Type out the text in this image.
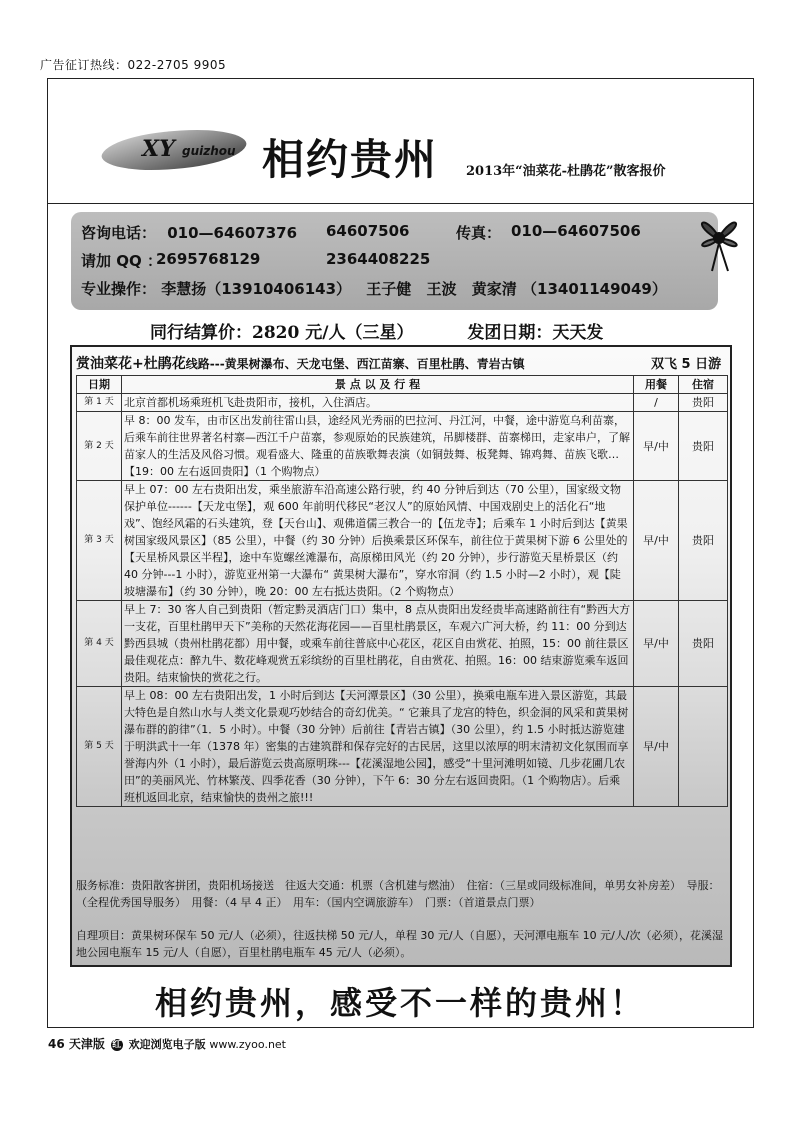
广告征订热线：022-2705 9905
XY guizhou 相约贵州 2013年“油菜花-杜鹃花”散客报价
咨询电话： 010—64607376 64607506	传真： 010—64607506
请加 QQ ：
2695768129	2364408225
专业操作： 李慧扬（13910406143） 王子健 王波 黄家清 （13401149049）
同行结算价：2820 元/人（三星）	发团日期：天天发
赏油菜花+杜鹃花线路---黄果树瀑布、天龙屯堡、西江苗寨、百里杜鹃、青岩古镇	双飞 5 日游
日期	景 点 以 及 行 程	用餐	住宿
第 1 天	北京首都机场乘班机飞赴贵阳市，接机，入住酒店。	/	贵阳
第 2 天	早 8：00 发车，由市区出发前往雷山县，途经风光秀丽的巴拉河、丹江河，中餐，途中游览乌利苗寨，后乘车前往世界著名村寨—西江千户苗寨，参观原始的民族建筑，吊脚楼群、苗寨梯田，走家串户，了解苗家人的生活及风俗习惯。观看盛大、隆重的苗族歌舞表演（如铜鼓舞、板凳舞、锦鸡舞、苗族飞歌…【19：00 左右返回贵阳】（1 个购物点）	早/中	贵阳
第 3 天	早上 07：00 左右贵阳出发，乘坐旅游车沿高速公路行驶，约 40 分钟后到达（70 公里），国家级文物保护单位------【天龙屯堡】，观 600 年前明代移民“老汉人”的原始风情、中国戏剧史上的活化石“地戏”、饱经风霜的石头建筑，登【天台山】、观佛道儒三教合一的【伍龙寺】；后乘车 1 小时后到达【黄果树国家级风景区】（85 公里），中餐（约 30 分钟）后换乘景区环保车，前往位于黄果树下游 6 公里处的【天星桥风景区半程】，途中车览螺丝滩瀑布，高原梯田风光（约 20 分钟），步行游览天星桥景区（约 40 分钟---1 小时），游览亚州第一大瀑布“ 黄果树大瀑布”，穿水帘洞（约 1.5 小时—2 小时），观【陡坡塘瀑布】（约 30 分钟），晚 20：00 左右抵达贵阳。（2 个购物点）	早/中	贵阳
第 4 天	早上 7：30 客人自己到贵阳（暂定黔灵酒店门口）集中，8 点从贵阳出发经贵毕高速路前往有“黔西大方一支花，百里杜鹃甲天下”美称的天然花海花园——百里杜鹃景区，车观六广河大桥，约 11：00 分到达黔西县城（贵州杜鹃花都）用中餐，或乘车前往普底中心花区，花区自由赏花、拍照，15：00 前往景区最佳观花点：醉九牛、数花峰观赏五彩缤纷的百里杜鹃花，自由赏花、拍照。16：00 结束游览乘车返回贵阳。结束愉快的赏花之行。	早/中	贵阳
第 5 天	早上 08：00 左右贵阳出发，1 小时后到达【天河潭景区】（30 公里），换乘电瓶车进入景区游览，其最大特色是自然山水与人类文化景观巧妙结合的奇幻优美。“ 它兼具了龙宫的特色，织金洞的风采和黄果树瀑布群的韵律”（1．5 小时）。中餐（30 分钟）后前往【青岩古镇】（30 公里），约 1.5 小时抵达游览建于明洪武十一年（1378 年）密集的古建筑群和保存完好的古民居，这里以浓厚的明末清初文化氛围而享誉海内外（1 小时），最后游览云贵高原明珠---【花溪湿地公园】，感受“十里河滩明如镜、几步花圃几农田”的美丽风光、竹林繁茂、四季花香（30 分钟），下午 6：30 分左右返回贵阳。（1 个购物店）。后乘班机返回北京，结束愉快的贵州之旅!!!	早/中	
服务标准：贵阳散客拼团，贵阳机场接送　往返大交通：机票（含机建与燃油）　住宿：（三星或同级标准间，单男女补房差）　导服：（全程优秀国导服务）　用餐：（4 早 4 正）　用车：（国内空调旅游车）　门票：（首道景点门票）
自理项目：黄果树环保车 50 元/人（必须），往返扶梯 50 元/人，单程 30 元/人（自愿），天河潭电瓶车 10 元/人/次（必须），花溪湿地公园电瓶车 15 元/人（自愿），百里杜鹃电瓶车 45 元/人（必须）。
相约贵州，感受不一样的贵州！
46 天津版 红 欢迎浏览电子版 www.zyoo.net
